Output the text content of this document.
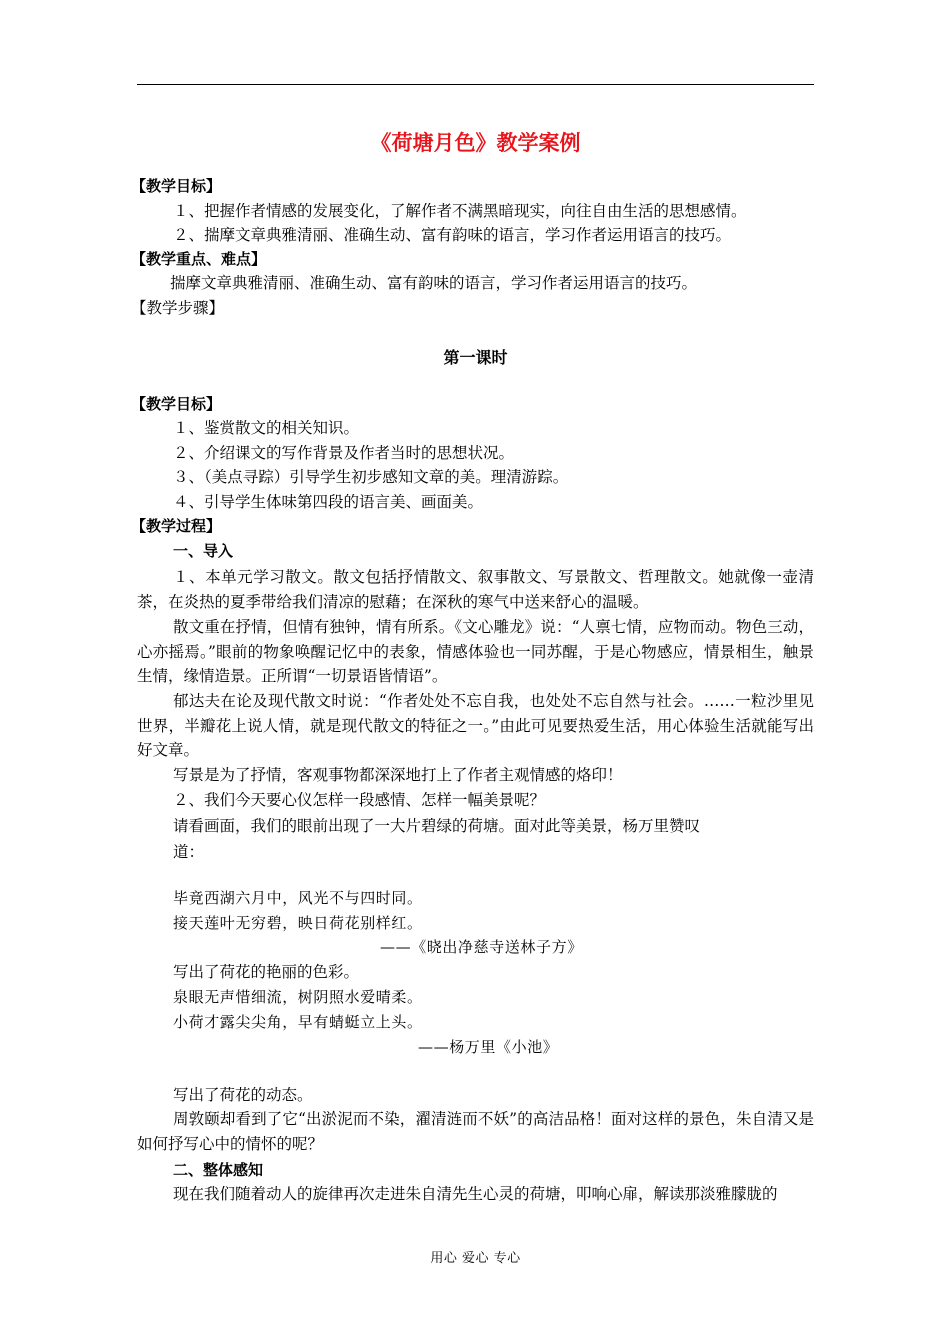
《荷塘月色》教学案例
【教学目标】
１、把握作者情感的发展变化，了解作者不满黑暗现实，向往自由生活的思想感情。
２、揣摩文章典雅清丽、准确生动、富有韵味的语言，学习作者运用语言的技巧。
【教学重点、难点】
揣摩文章典雅清丽、准确生动、富有韵味的语言，学习作者运用语言的技巧。
【教学步骤】
第一课时
【教学目标】
１、鉴赏散文的相关知识。
２、介绍课文的写作背景及作者当时的思想状况。
３、（美点寻踪）引导学生初步感知文章的美。理清游踪。
４、引导学生体味第四段的语言美、画面美。
【教学过程】
一、导入
１、本单元学习散文。散文包括抒情散文、叙事散文、写景散文、哲理散文。她就像一壶清茶，在炎热的夏季带给我们清凉的慰藉；在深秋的寒气中送来舒心的温暖。
散文重在抒情，但情有独钟，情有所系。《文心雕龙》说：“人禀七情，应物而动。物色三动，心亦摇焉。”眼前的物象唤醒记忆中的表象，情感体验也一同苏醒，于是心物感应，情景相生，触景生情，缘情造景。正所谓“一切景语皆情语”。
郁达夫在论及现代散文时说：“作者处处不忘自我，也处处不忘自然与社会。……一粒沙里见世界，半瓣花上说人情，就是现代散文的特征之一。”由此可见要热爱生活，用心体验生活就能写出好文章。
写景是为了抒情，客观事物都深深地打上了作者主观情感的烙印！
２、我们今天要心仪怎样一段感情、怎样一幅美景呢？
请看画面，我们的眼前出现了一大片碧绿的荷塘。面对此等美景，杨万里赞叹
道：
毕竟西湖六月中，风光不与四时同。
接天莲叶无穷碧，映日荷花别样红。
——《晓出净慈寺送林子方》
写出了荷花的艳丽的色彩。
泉眼无声惜细流，树阴照水爱晴柔。
小荷才露尖尖角，早有蜻蜓立上头。
——杨万里《小池》
写出了荷花的动态。
周敦颐却看到了它“出淤泥而不染，濯清涟而不妖”的高洁品格！面对这样的景色，朱自清又是如何抒写心中的情怀的呢？
二、整体感知
现在我们随着动人的旋律再次走进朱自清先生心灵的荷塘，叩响心扉，解读那淡雅朦胧的
用心 爱心 专心
